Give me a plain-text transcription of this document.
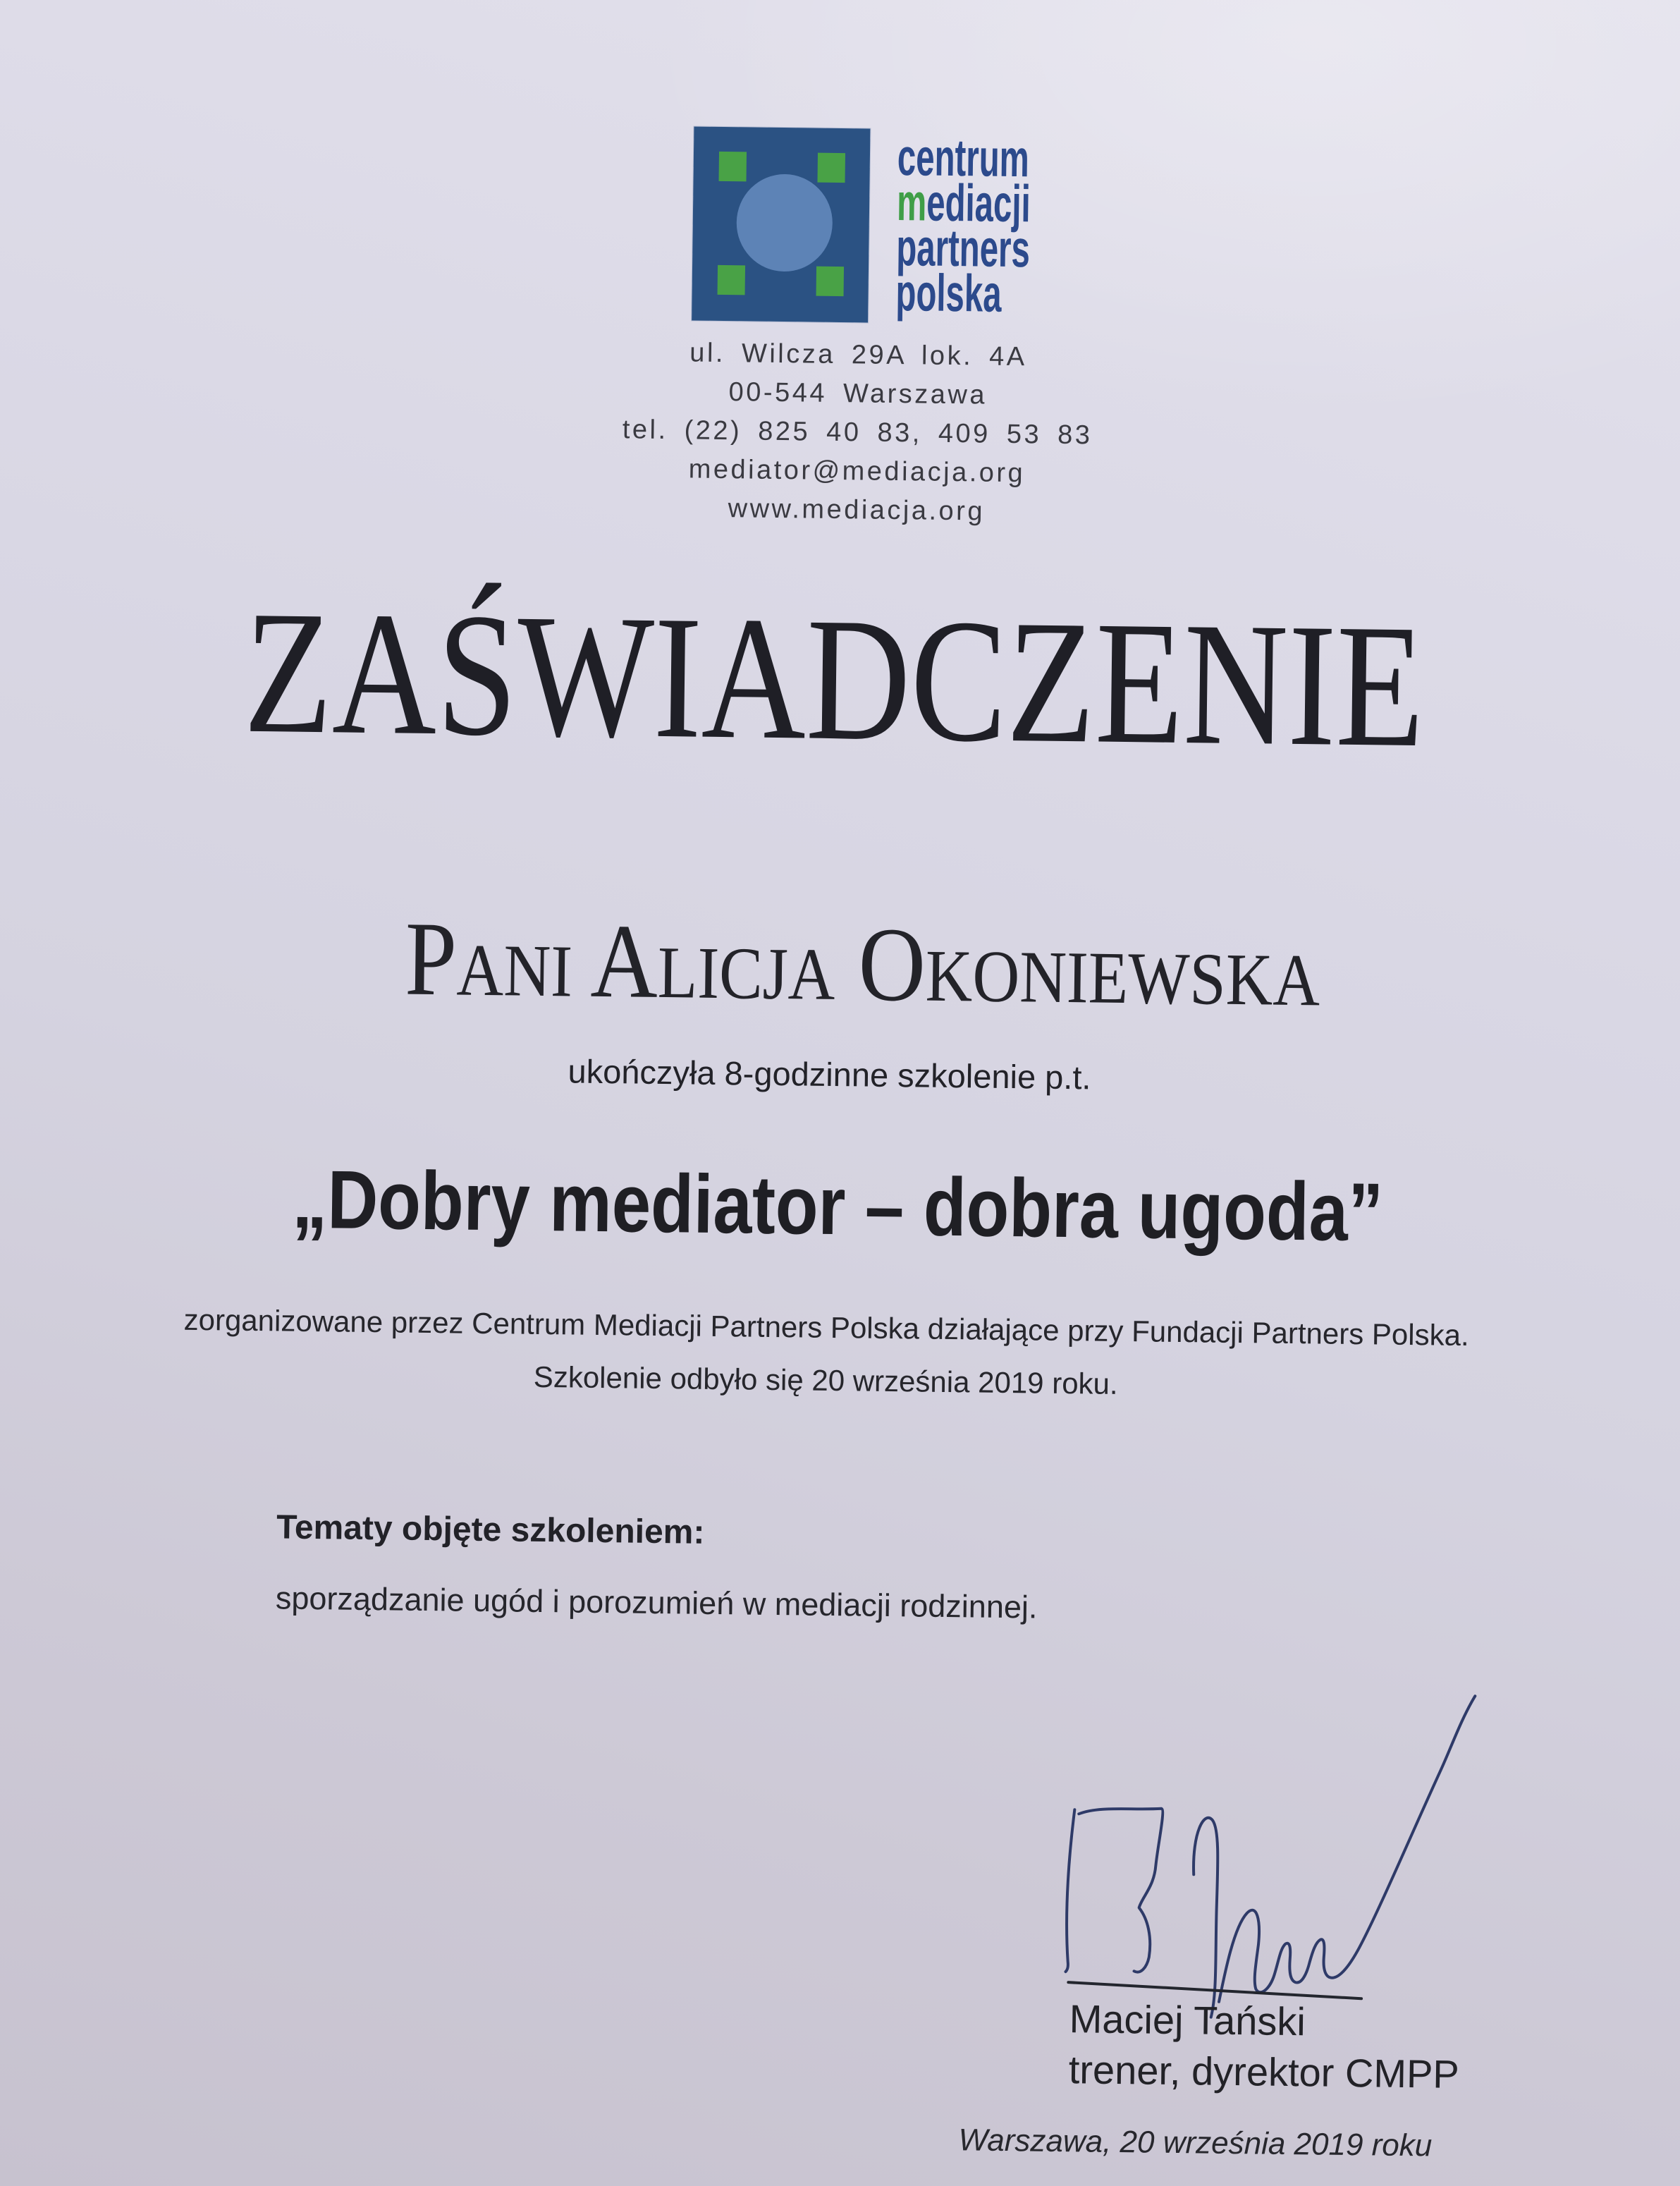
centrum
mediacji
partners
polska
ul. Wilcza 29A lok. 4A
00-544 Warszawa
tel. (22) 825 40 83, 409 53 83
mediator@mediacja.org
www.mediacja.org
ZAŚWIADCZENIE
Pani Alicja Okoniewska
ukończyła 8-godzinne szkolenie p.t.
„Dobry mediator – dobra ugoda”
zorganizowane przez Centrum Mediacji Partners Polska działające przy Fundacji Partners Polska.
Szkolenie odbyło się 20 września 2019 roku.
Tematy objęte szkoleniem:
sporządzanie ugód i porozumień w mediacji rodzinnej.
Maciej Tański
trener, dyrektor CMPP
Warszawa, 20 września 2019 roku
